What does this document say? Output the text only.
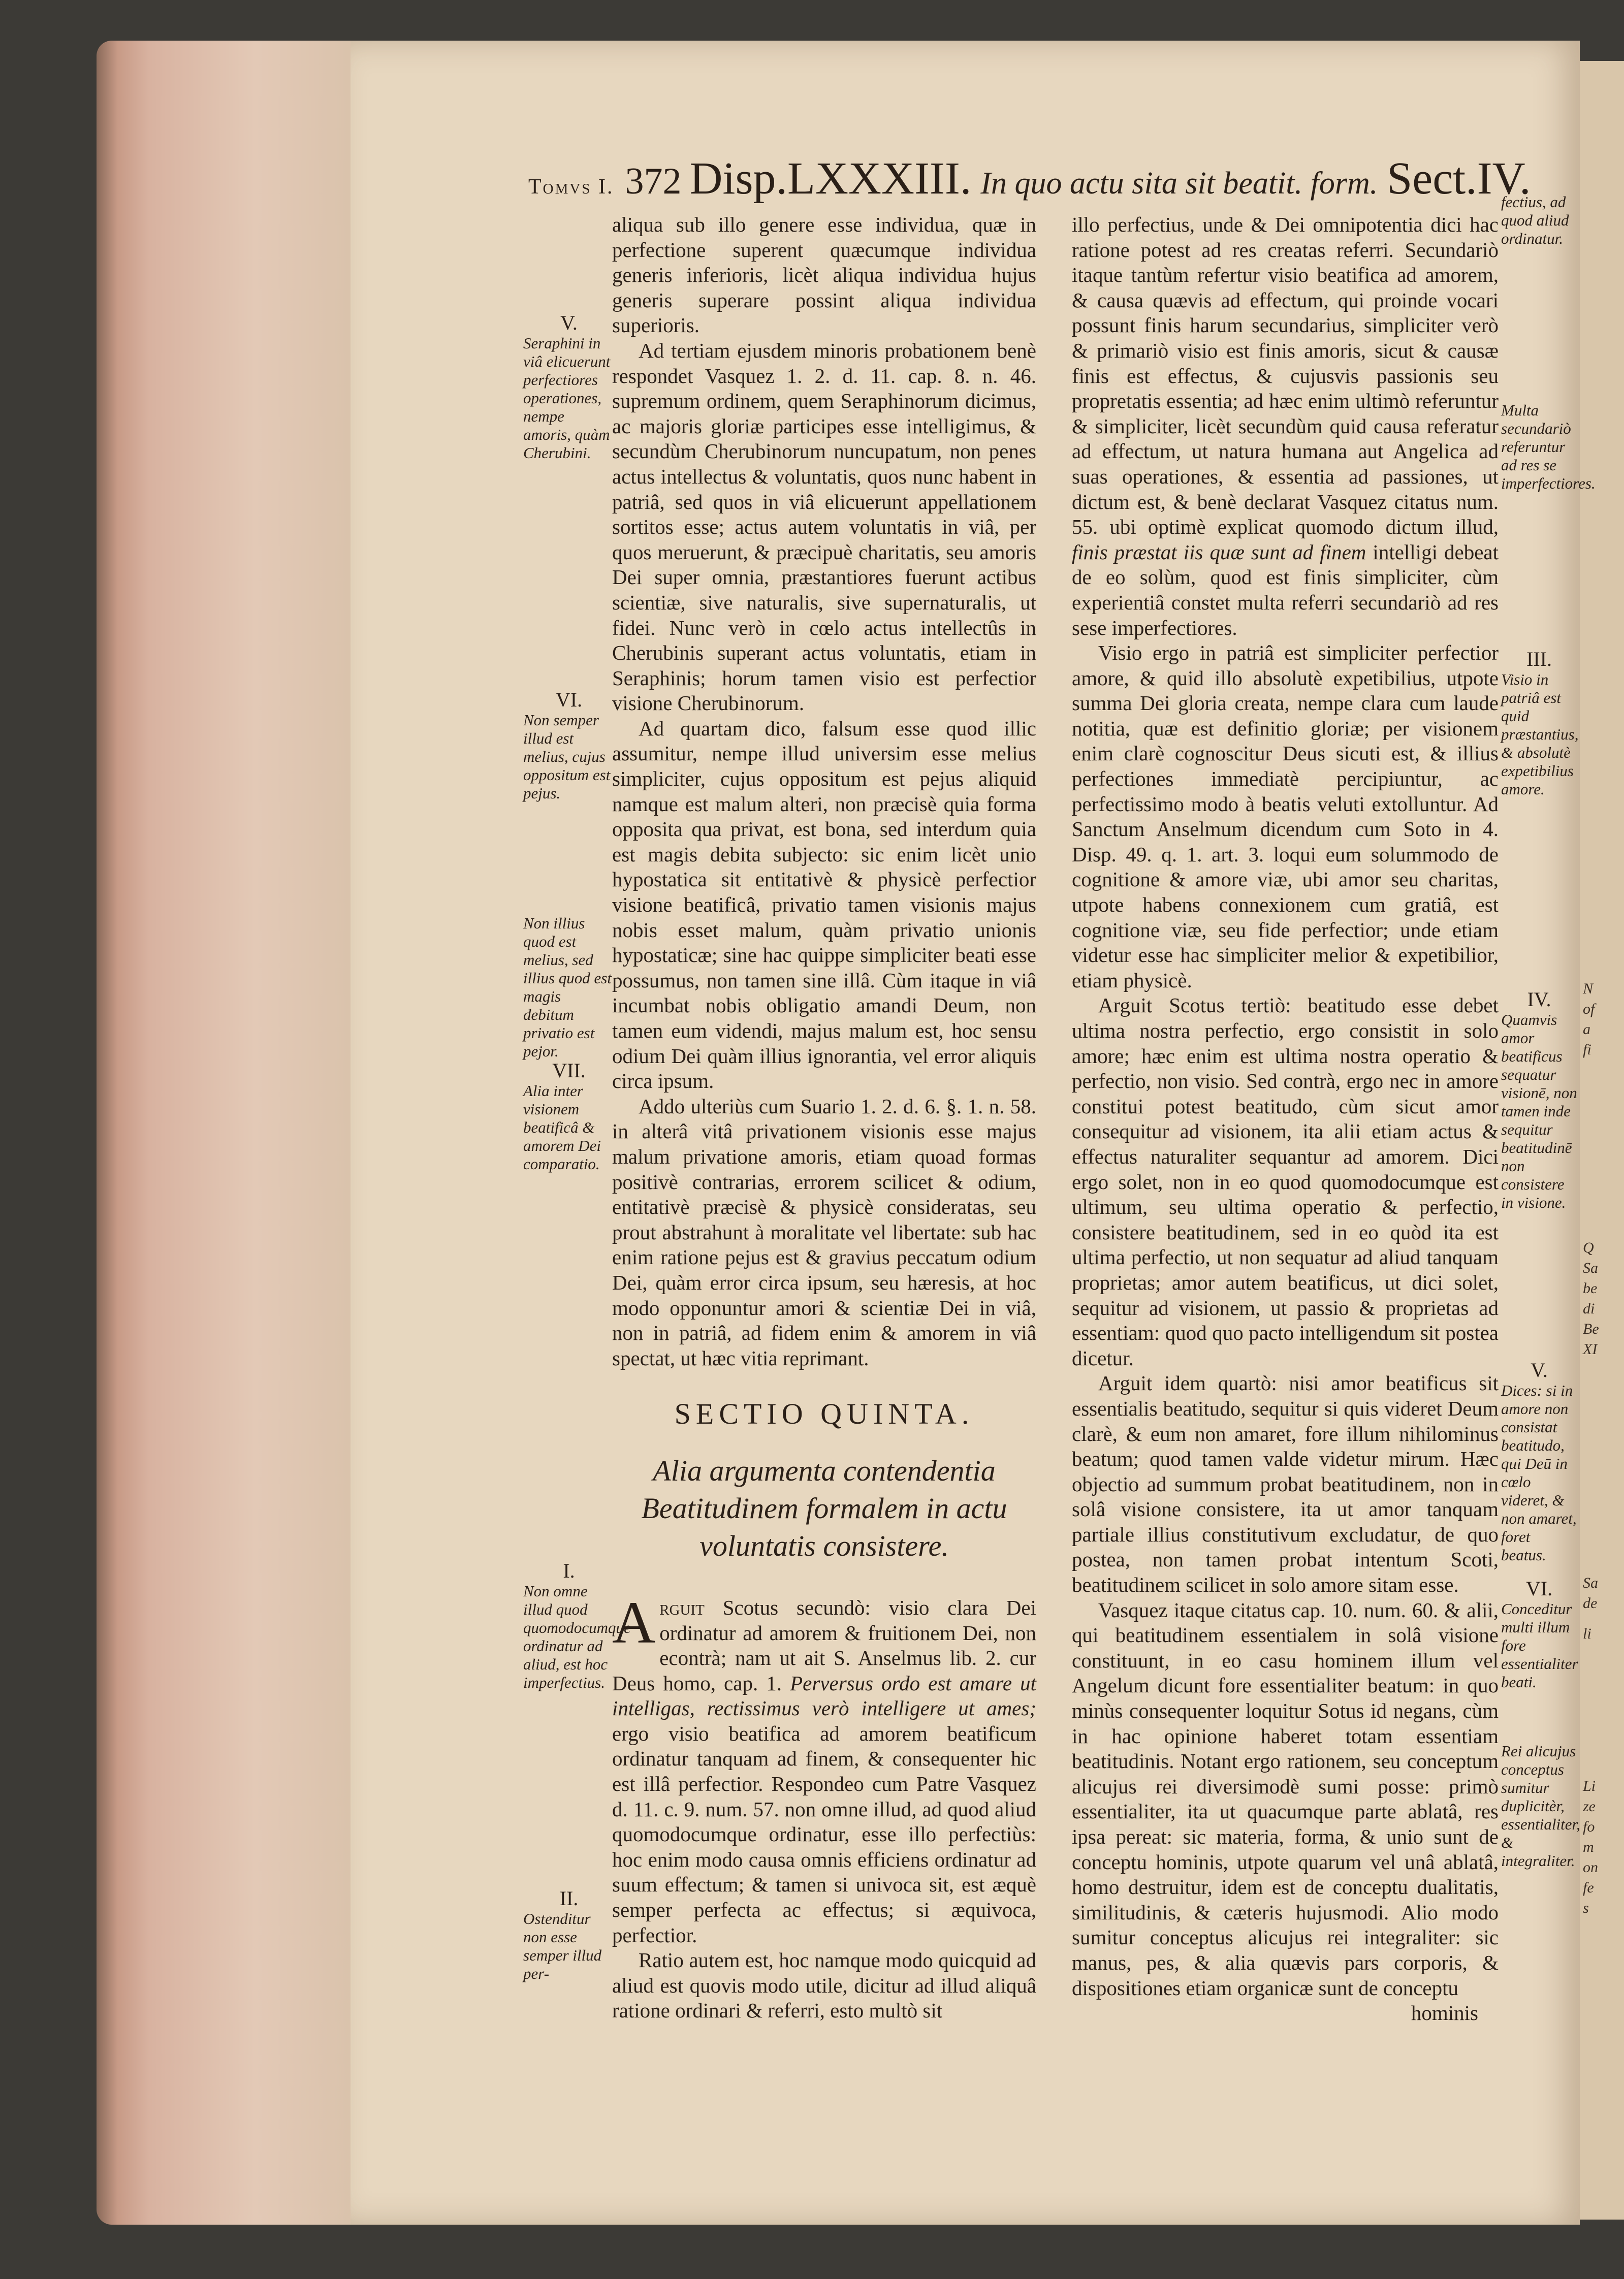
N
of
a
fi
Q
Sa
be
di
Be
XI
Sa
de
li
Li
ze
fo
m
on
fe
s
Tomvs I. 372 Disp.LXXXIII. In quo actu sita sit beatit. form. Sect.IV.

aliqua sub illo genere esse individua, quæ in perfectione superent quæcumque individua generis inferioris, licèt aliqua individua hujus generis superare possint aliqua individua superioris.

Ad tertiam ejusdem minoris probationem benè respondet Vasquez 1. 2. d. 11. cap. 8. n. 46. supremum ordinem, quem Seraphinorum dicimus, ac majoris gloriæ participes esse intelligimus, & secundùm Cherubinorum nuncupatum, non penes actus intellectus & voluntatis, quos nunc habent in patriâ, sed quos in viâ elicuerunt appellationem sortitos esse; actus autem voluntatis in viâ, per quos meruerunt, & præcipuè charitatis, seu amoris Dei super omnia, præstantiores fuerunt actibus scientiæ, sive naturalis, sive supernaturalis, ut fidei. Nunc verò in cœlo actus intellectûs in Cherubinis superant actus voluntatis, etiam in Seraphinis; horum tamen visio est perfectior visione Cherubinorum.

Ad quartam dico, falsum esse quod illic assumitur, nempe illud universim esse melius simpliciter, cujus oppositum est pejus aliquid namque est malum alteri, non præcisè quia forma opposita qua privat, est bona, sed interdum quia est magis debita subjecto: sic enim licèt unio hypostatica sit entitativè & physicè perfectior visione beatificâ, privatio tamen visionis majus nobis esset malum, quàm privatio unionis hypostaticæ; sine hac quippe simpliciter beati esse possumus, non tamen sine illâ. Cùm itaque in viâ incumbat nobis obligatio amandi Deum, non tamen eum videndi, majus malum est, hoc sensu odium Dei quàm illius ignorantia, vel error aliquis circa ipsum.

Addo ulteriùs cum Suario 1. 2. d. 6. §. 1. n. 58. in alterâ vitâ privationem visionis esse majus malum privatione amoris, etiam quoad formas positivè contrarias, errorem scilicet & odium, entitativè præcisè & physicè consideratas, seu prout abstrahunt à moralitate vel libertate: sub hac enim ratione pejus est & gravius peccatum odium Dei, quàm error circa ipsum, seu hæresis, at hoc modo opponuntur amori & scientiæ Dei in viâ, non in patriâ, ad fidem enim & amorem in viâ spectat, ut hæc vitia reprimant.

SECTIO QUINTA.
Alia argumenta contendentia Beatitudinem formalem in actu voluntatis consistere.

Arguit Scotus secundò: visio clara Dei ordinatur ad amorem & fruitionem Dei, non econtrà; nam ut ait S. Anselmus lib. 2. cur Deus homo, cap. 1. Perversus ordo est amare ut intelligas, rectissimus verò intelligere ut ames; ergo visio beatifica ad amorem beatificum ordinatur tanquam ad finem, & consequenter hic est illâ perfectior. Respondeo cum Patre Vasquez d. 11. c. 9. num. 57. non omne illud, ad quod aliud quomodocumque ordinatur, esse illo perfectiùs: hoc enim modo causa omnis efficiens ordinatur ad suum effectum; & tamen si univoca sit, est æquè semper perfecta ac effectus; si æquivoca, perfectior.

Ratio autem est, hoc namque modo quicquid ad aliud est quovis modo utile, dicitur ad illud aliquâ ratione ordinari & referri, esto multò sit

illo perfectius, unde & Dei omnipotentia dici hac ratione potest ad res creatas referri. Secundariò itaque tantùm refertur visio beatifica ad amorem, & causa quævis ad effectum, qui proinde vocari possunt finis harum secundarius, simpliciter verò & primariò visio est finis amoris, sicut & causæ finis est effectus, & cujusvis passionis seu propretatis essentia; ad hæc enim ultimò referuntur & simpliciter, licèt secundùm quid causa referatur ad effectum, ut natura humana aut Angelica ad suas operationes, & essentia ad passiones, ut dictum est, & benè declarat Vasquez citatus num. 55. ubi optimè explicat quomodo dictum illud, finis præstat iis quæ sunt ad finem intelligi debeat de eo solùm, quod est finis simpliciter, cùm experientiâ constet multa referri secundariò ad res sese imperfectiores.

Visio ergo in patriâ est simpliciter perfectior amore, & quid illo absolutè expetibilius, utpote summa Dei gloria creata, nempe clara cum laude notitia, quæ est definitio gloriæ; per visionem enim clarè cognoscitur Deus sicuti est, & illius perfectiones immediatè percipiuntur, ac perfectissimo modo à beatis veluti extolluntur. Ad Sanctum Anselmum dicendum cum Soto in 4. Disp. 49. q. 1. art. 3. loqui eum solummodo de cognitione & amore viæ, ubi amor seu charitas, utpote habens connexionem cum gratiâ, est cognitione viæ, seu fide perfectior; unde etiam videtur esse hac simpliciter melior & expetibilior, etiam physicè.

Arguit Scotus tertiò: beatitudo esse debet ultima nostra perfectio, ergo consistit in solo amore; hæc enim est ultima nostra operatio & perfectio, non visio. Sed contrà, ergo nec in amore constitui potest beatitudo, cùm sicut amor consequitur ad visionem, ita alii etiam actus & effectus naturaliter sequantur ad amorem. Dici ergo solet, non in eo quod quomodocumque est ultimum, seu ultima operatio & perfectio, consistere beatitudinem, sed in eo quòd ita est ultima perfectio, ut non sequatur ad aliud tanquam proprietas; amor autem beatificus, ut dici solet, sequitur ad visionem, ut passio & proprietas ad essentiam: quod quo pacto intelligendum sit postea dicetur.

Arguit idem quartò: nisi amor beatificus sit essentialis beatitudo, sequitur si quis videret Deum clarè, & eum non amaret, fore illum nihilominus beatum; quod tamen valde videtur mirum. Hæc objectio ad summum probat beatitudinem, non in solâ visione consistere, ita ut amor tanquam partiale illius constitutivum excludatur, de quo postea, non tamen probat intentum Scoti, beatitudinem scilicet in solo amore sitam esse.

Vasquez itaque citatus cap. 10. num. 60. & alii, qui beatitudinem essentialem in solâ visione constituunt, in eo casu hominem illum vel Angelum dicunt fore essentialiter beatum: in quo minùs consequenter loquitur Sotus id negans, cùm in hac opinione haberet totam essentiam beatitudinis. Notant ergo rationem, seu conceptum alicujus rei diversimodè sumi posse: primò essentialiter, ita ut quacumque parte ablatâ, res ipsa pereat: sic materia, forma, & unio sunt de conceptu hominis, utpote quarum vel unâ ablatâ, homo destruitur, idem est de conceptu dualitatis, similitudinis, & cæteris hujusmodi. Alio modo sumitur conceptus alicujus rei integraliter: sic manus, pes, & alia quævis pars corporis, & dispositiones etiam organicæ sunt de conceptu

hominis

V.
Seraphini in viâ elicuerunt perfectiores operationes, nempe amoris, quàm Cherubini.
VI.
Non semper illud est melius, cujus oppositum est pejus.
Non illius quod est melius, sed illius quod est magis debitum privatio est pejor.
VII.
Alia inter visionem beatificâ & amorem Dei comparatio.
I.
Non omne illud quod quomodocumque ordinatur ad aliud, est hoc imperfectius.
II.
Ostenditur non esse semper illud per-
fectius, ad quod aliud ordinatur.
Multa secundariò referuntur ad res se imperfectiores.
III.
Visio in patriâ est quid præstantius, & absolutè expetibilius amore.
IV.
Quamvis amor beatificus sequatur visionē, non tamen inde sequitur beatitudinē non consistere in visione.
V.
Dices: si in amore non consistat beatitudo, qui Deū in cœlo videret, & non amaret, foret beatus.
VI.
Conceditur multi illum fore essentialiter beati.
Rei alicujus conceptus sumitur duplicitèr, essentialiter, & integraliter.
